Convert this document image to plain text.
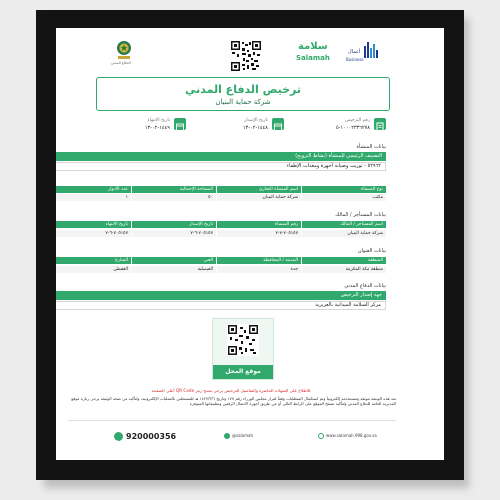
الدفاع المدني
سلامة
Salamah
أعمال
Business
ترخيص الدفاع المدني
شركة حماية البنيان
رقم الترخيص
١٠٠٠٢٣٣٦٢٧٨-٥
تاريخ الإصدار
١٤٤٨-٠٢-١٣
تاريخ الانتهاء
١٤٤٩-٠٢-١٣
بيانات المنشأة
التصنيف الرئيسي للمنشأة (نشاط الترويج)
٥٢٩٦٢ - توريب وصيانة أجهزة ومعدات الإطفاء
نوع المنشأة
اسم المنشأة التجاري
المساحة الإجمالية
عدد الأدوار
مكتب
شركة حماية البنيان
٥٠
١
بيانات المستأجر / المالك
اسم المستأجر / المالك
رقم المنشأة
تاريخ الإصدار
تاريخ الانتهاء
شركة حماية البنيان
٧٠٥١٥٧-٧-٧
٧٠٥١٥٧-٦-٧
٧٠٥١٥٧-٦-٧
بيانات العنوان
المنطقة
المدينة / المحافظة
الحي
الشارع
منطقة مكة المكرمة
جدة
الفيصلية
القفطي
بيانات الدفاع المدني
جهة إصدار الترخيص
مركز السلامة الميدانية بالعزيزية
موقع المحل
للاطلاع على الشهادة الحاضرة والتفاصيل الترخيص يرجى مسح رمز QR Code أعلى الصفحة
تعد هذه الوثيقة موثقة ومستخدمة إلكترونياً وتم استكمال المتطلبات وفقاً لقرار مجلس الوزراء رقم ١٧٧ وتاريخ ١٤٢٧/٣/٦ هـ للمشتغلين بالعمليات الإلكترونية، ولتأكيد من صحة الوثيقة يرجى زيارة موقع المديرية العامة للدفاع المدني ولتأكيد تصفح الموقع على الرابط التالي أو عن طريق أجهزة الاتصال الرقمي وتطبيقاتها المتوفرة
920000356	@salamah	www.salamah.998.gov.sa
